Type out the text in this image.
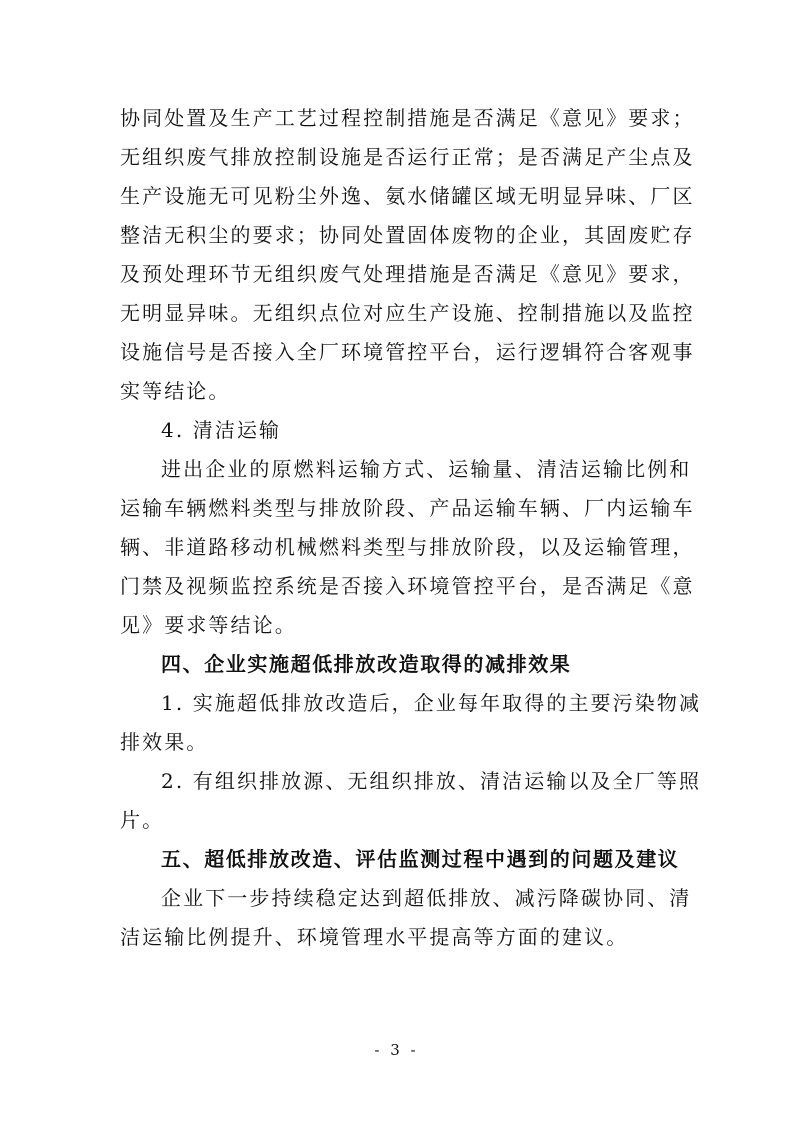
协同处置及生产工艺过程控制措施是否满足《意见》要求；
无组织废气排放控制设施是否运行正常；是否满足产尘点及
生产设施无可见粉尘外逸、氨水储罐区域无明显异味、厂区
整洁无积尘的要求；协同处置固体废物的企业，其固废贮存
及预处理环节无组织废气处理措施是否满足《意见》要求，
无明显异味。无组织点位对应生产设施、控制措施以及监控
设施信号是否接入全厂环境管控平台，运行逻辑符合客观事
实等结论。
4. 清洁运输
进出企业的原燃料运输方式、运输量、清洁运输比例和
运输车辆燃料类型与排放阶段、产品运输车辆、厂内运输车
辆、非道路移动机械燃料类型与排放阶段，以及运输管理，
门禁及视频监控系统是否接入环境管控平台，是否满足《意
见》要求等结论。
四、企业实施超低排放改造取得的减排效果
1. 实施超低排放改造后，企业每年取得的主要污染物减
排效果。
2. 有组织排放源、无组织排放、清洁运输以及全厂等照
片。
五、超低排放改造、评估监测过程中遇到的问题及建议
企业下一步持续稳定达到超低排放、减污降碳协同、清
洁运输比例提升、环境管理水平提高等方面的建议。
- 3 -
